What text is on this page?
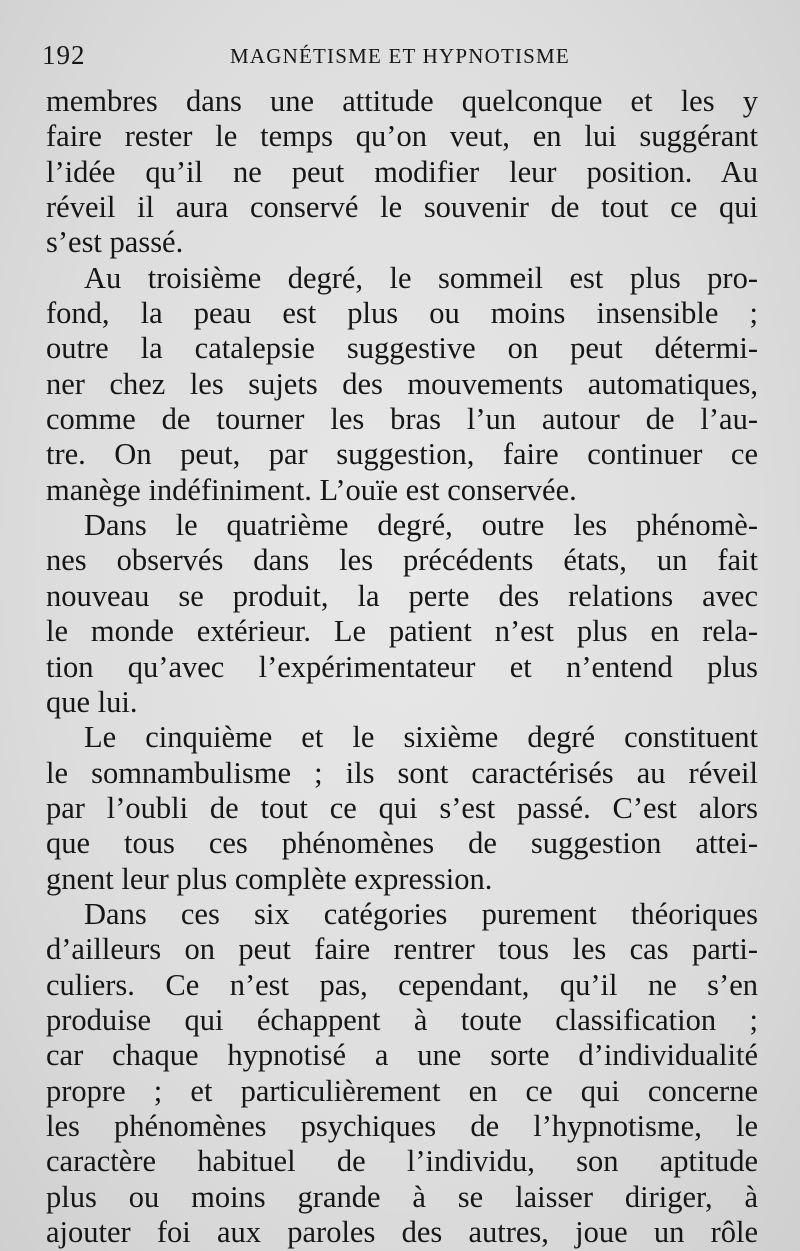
192	MAGNÉTISME ET HYPNOTISME
membres dans une attitude quelconque et les y
faire rester le temps qu’on veut, en lui suggérant
l’idée qu’il ne peut modifier leur position. Au
réveil il aura conservé le souvenir de tout ce qui
s’est passé.
Au troisième degré, le sommeil est plus pro-
fond, la peau est plus ou moins insensible ;
outre la catalepsie suggestive on peut détermi-
ner chez les sujets des mouvements automatiques,
comme de tourner les bras l’un autour de l’au-
tre. On peut, par suggestion, faire continuer ce
manège indéfiniment. L’ouïe est conservée.
Dans le quatrième degré, outre les phénomè-
nes observés dans les précédents états, un fait
nouveau se produit, la perte des relations avec
le monde extérieur. Le patient n’est plus en rela-
tion qu’avec l’expérimentateur et n’entend plus
que lui.
Le cinquième et le sixième degré constituent
le somnambulisme ; ils sont caractérisés au réveil
par l’oubli de tout ce qui s’est passé. C’est alors
que tous ces phénomènes de suggestion attei-
gnent leur plus complète expression.
Dans ces six catégories purement théoriques
d’ailleurs on peut faire rentrer tous les cas parti-
culiers. Ce n’est pas, cependant, qu’il ne s’en
produise qui échappent à toute classification ;
car chaque hypnotisé a une sorte d’individualité
propre ; et particulièrement en ce qui concerne
les phénomènes psychiques de l’hypnotisme, le
caractère habituel de l’individu, son aptitude
plus ou moins grande à se laisser diriger, à
ajouter foi aux paroles des autres, joue un rôle
